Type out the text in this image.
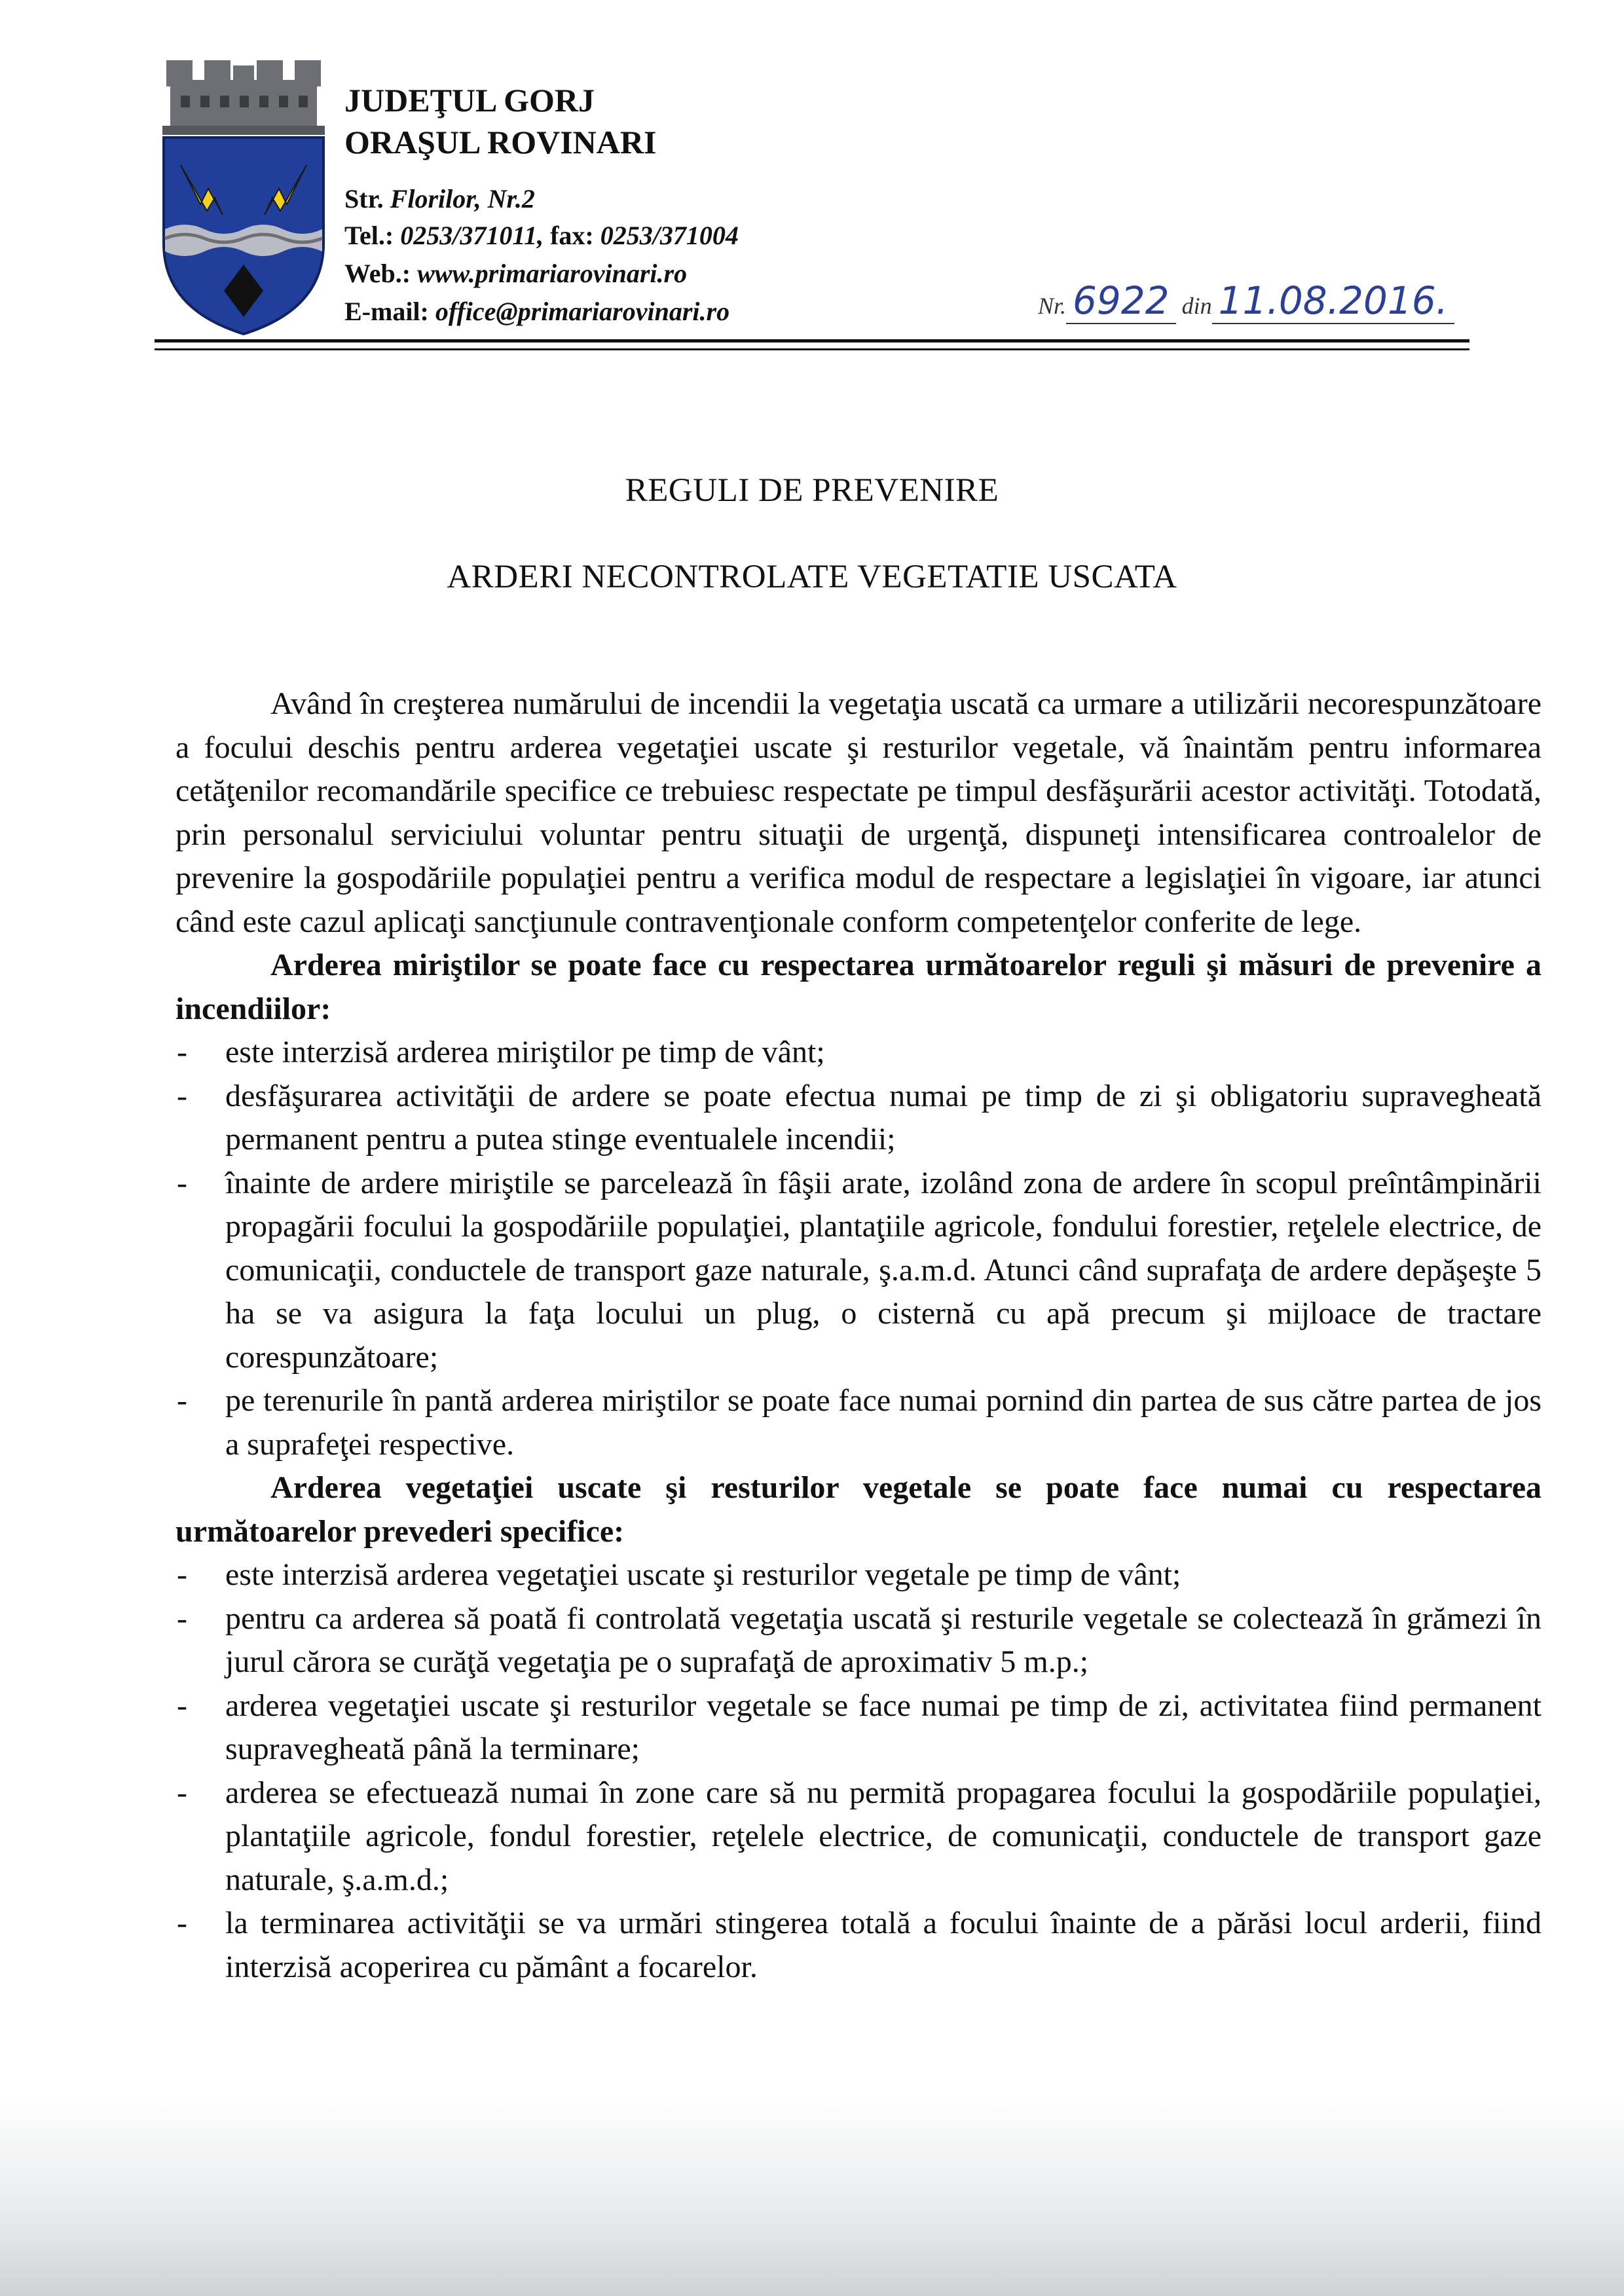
JUDEŢUL GORJ
ORAŞUL ROVINARI
Str. Florilor, Nr.2
Tel.: 0253/371011, fax: 0253/371004
Web.: www.primariarovinari.ro
E-mail: office@primariarovinari.ro	Nr. 6922 din 11.08.2016.
REGULI DE PREVENIRE
ARDERI NECONTROLATE VEGETATIE USCATA

Având în creşterea numărului de incendii la vegetaţia uscată ca urmare a utilizării necorespunzătoare a focului deschis pentru arderea vegetaţiei uscate şi resturilor vegetale, vă înaintăm pentru informarea cetăţenilor recomandările specifice ce trebuiesc respectate pe timpul desfăşurării acestor activităţi. Totodată, prin personalul serviciului voluntar pentru situaţii de urgenţă, dispuneţi intensificarea controalelor de prevenire la gospodăriile populaţiei pentru a verifica modul de respectare a legislaţiei în vigoare, iar atunci când este cazul aplicaţi sancţiunule contravenţionale conform competenţelor conferite de lege.

Arderea miriştilor se poate face cu respectarea următoarelor reguli şi măsuri de prevenire a incendiilor:

- este interzisă arderea miriştilor pe timp de vânt;
- desfăşurarea activităţii de ardere se poate efectua numai pe timp de zi şi obligatoriu supravegheată permanent pentru a putea stinge eventualele incendii;
- înainte de ardere miriştile se parcelează în fâşii arate, izolând zona de ardere în scopul preîntâmpinării propagării focului la gospodăriile populaţiei, plantaţiile agricole, fondului forestier, reţelele electrice, de comunicaţii, conductele de transport gaze naturale, ş.a.m.d. Atunci când suprafaţa de ardere depăşeşte 5 ha se va asigura la faţa locului un plug, o cisternă cu apă precum şi mijloace de tractare corespunzătoare;
- pe terenurile în pantă arderea miriştilor se poate face numai pornind din partea de sus către partea de jos a suprafeţei respective.

Arderea vegetaţiei uscate şi resturilor vegetale se poate face numai cu respectarea următoarelor prevederi specifice:

- este interzisă arderea vegetaţiei uscate şi resturilor vegetale pe timp de vânt;
- pentru ca arderea să poată fi controlată vegetaţia uscată şi resturile vegetale se colectează în grămezi în jurul cărora se curăţă vegetaţia pe o suprafaţă de aproximativ 5 m.p.;
- arderea vegetaţiei uscate şi resturilor vegetale se face numai pe timp de zi, activitatea fiind permanent supravegheată până la terminare;
- arderea se efectuează numai în zone care să nu permită propagarea focului la gospodăriile populaţiei, plantaţiile agricole, fondul forestier, reţelele electrice, de comunicaţii, conductele de transport gaze naturale, ş.a.m.d.;
- la terminarea activităţii se va urmări stingerea totală a focului înainte de a părăsi locul arderii, fiind interzisă acoperirea cu pământ a focarelor.
